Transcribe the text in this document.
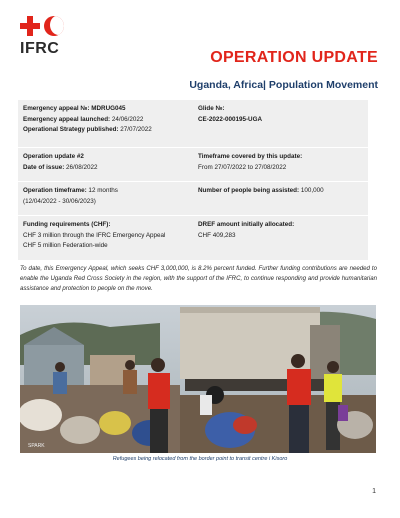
IFRC
OPERATION UPDATE
Uganda, Africa| Population Movement
Emergency appeal №: MDRUG045
Emergency appeal launched: 24/06/2022
Operational Strategy published: 27/07/2022
Glide №:
CE-2022-000195-UGA
Operation update #2
Date of issue: 26/08/2022
Timeframe covered by this update:
From 27/07/2022 to 27/08/2022
Operation timeframe: 12 months
(12/04/2022 - 30/06/2023)
Number of people being assisted: 100,000
Funding requirements (CHF):
CHF 3 million through the IFRC Emergency Appeal
CHF 5 million Federation-wide
DREF amount initially allocated:
CHF 409,283
To date, this Emergency Appeal, which seeks CHF 3,000,000, is 8.2% percent funded. Further funding contributions are needed to enable the Uganda Red Cross Society in the region, with the support of the IFRC, to continue responding and provide humanitarian assistance and protection to people on the move.
SPARK
Refugees being relocated from the border point to transit centre i Kisoro
1
